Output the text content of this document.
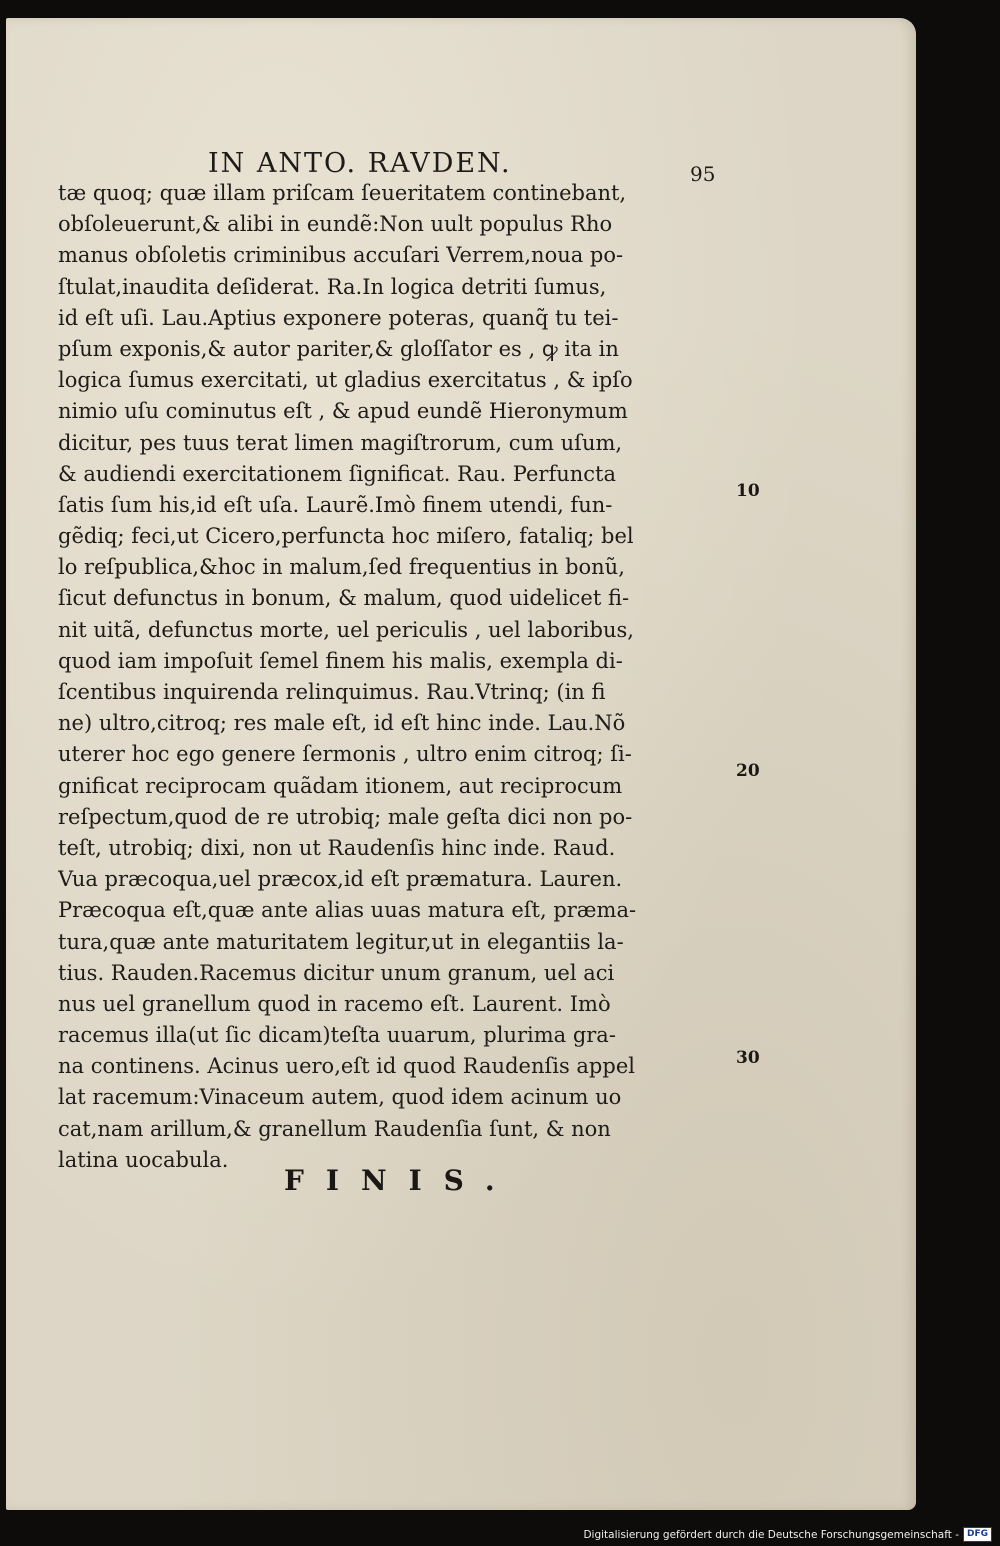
IN ANTO. RAVDEN.	95
tæ quoq; quæ illam priſcam ſeueritatem continebant,
obſoleuerunt,& alibi in eundẽ:Non uult populus Rho
manus obſoletis criminibus accuſari Verrem,noua po-
ſtulat,inaudita deſiderat. Ra.In logica detriti ſumus,
id eſt uſi. Lau.Aptius exponere poteras, quanq̃ tu tei-
pſum exponis,& autor pariter,& gloſſator es , ꝙ ita in
logica ſumus exercitati, ut gladius exercitatus , & ipſo
nimio uſu cominutus eſt , & apud eundẽ Hieronymum
dicitur, pes tuus terat limen magiſtrorum, cum uſum,
& audiendi exercitationem ſignificat. Rau. Perfuncta
ſatis ſum his,id eſt uſa. Laurẽ.Imò finem utendi, fun-
gẽdiq; feci,ut Cicero,perfuncta hoc miſero, fataliq; bel
lo reſpublica,&hoc in malum,ſed frequentius in bonũ,
ſicut defunctus in bonum, & malum, quod uidelicet fi-
nit uitã, defunctus morte, uel periculis , uel laboribus,
quod iam impoſuit ſemel finem his malis, exempla di-
ſcentibus inquirenda relinquimus. Rau.Vtrinq; (in fi
ne) ultro,citroq; res male eſt, id eſt hinc inde. Lau.Nõ
uterer hoc ego genere ſermonis , ultro enim citroq; ſi-
gnificat reciprocam quãdam itionem, aut reciprocum
reſpectum,quod de re utrobiq; male geſta dici non po-
teſt, utrobiq; dixi, non ut Raudenſis hinc inde. Raud.
Vua præcoqua,uel præcox,id eſt præmatura. Lauren.
Præcoqua eſt,quæ ante alias uuas matura eſt, præma-
tura,quæ ante maturitatem legitur,ut in elegantiis la-
tius. Rauden.Racemus dicitur unum granum, uel aci
nus uel granellum quod in racemo eſt. Laurent. Imò
racemus illa(ut ſic dicam)teſta uuarum, plurima gra-
na continens. Acinus uero,eſt id quod Raudenſis appel
lat racemum:Vinaceum autem, quod idem acinum uo
cat,nam arillum,& granellum Raudenſia ſunt, & non
latina uocabula.
10
20
30
FINIS.
Digitalisierung gefördert durch die Deutsche Forschungsgemeinschaft - DFG
